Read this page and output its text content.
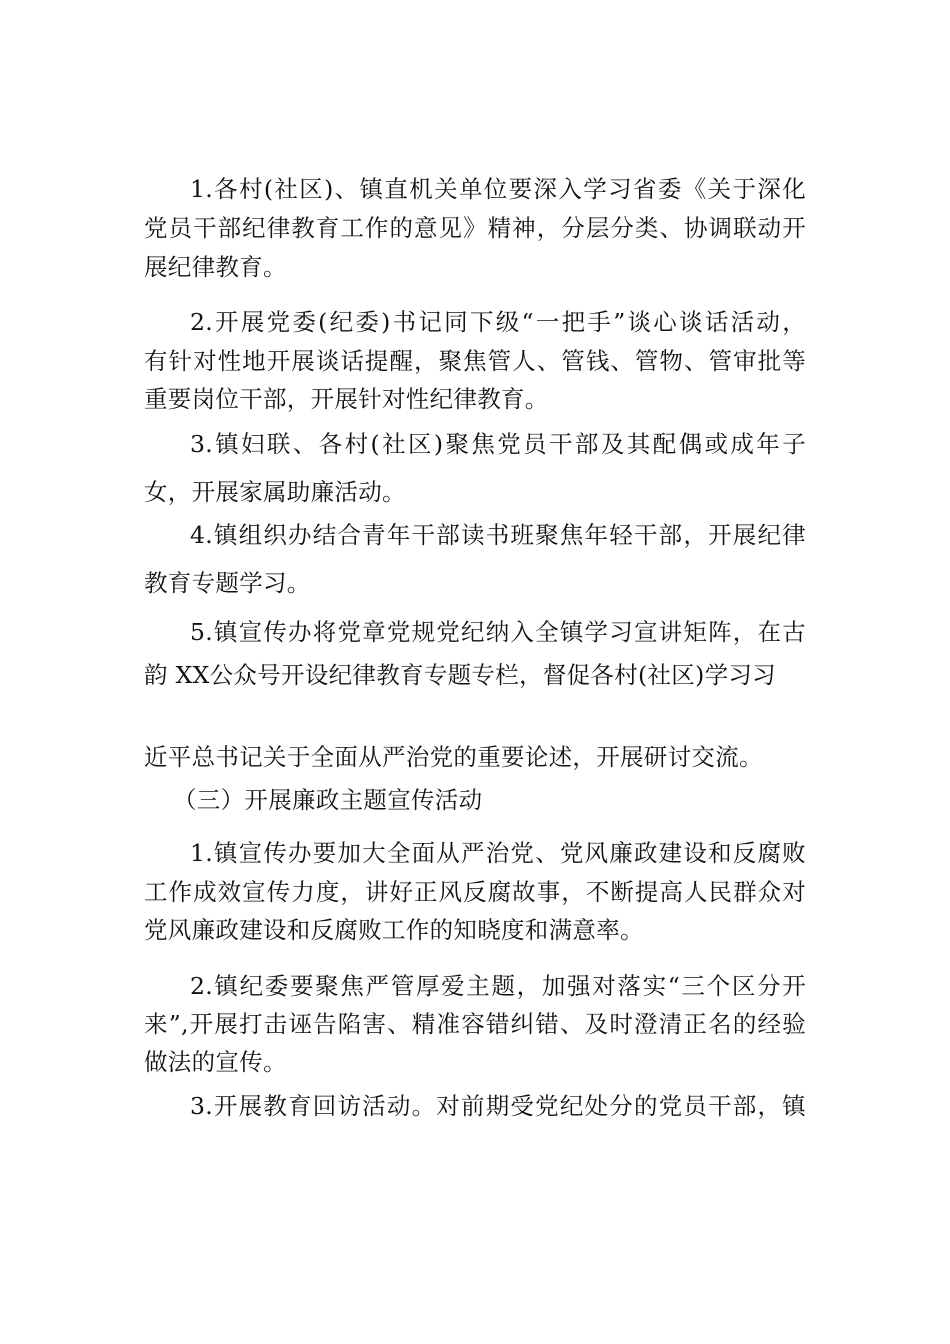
1.各村(社区)、镇直机关单位要深入学习省委《关于深化
党员干部纪律教育工作的意见》精神，分层分类、协调联动开
展纪律教育。
2.开展党委(纪委)书记同下级“一把手”谈心谈话活动，
有针对性地开展谈话提醒，聚焦管人、管钱、管物、管审批等
重要岗位干部，开展针对性纪律教育。
3.镇妇联、各村(社区)聚焦党员干部及其配偶或成年子
女，开展家属助廉活动。
4.镇组织办结合青年干部读书班聚焦年轻干部，开展纪律
教育专题学习。
5.镇宣传办将党章党规党纪纳入全镇学习宣讲矩阵，在古
韵 XX公众号开设纪律教育专题专栏，督促各村(社区)学习习
近平总书记关于全面从严治党的重要论述，开展研讨交流。
（三）开展廉政主题宣传活动
1.镇宣传办要加大全面从严治党、党风廉政建设和反腐败
工作成效宣传力度，讲好正风反腐故事，不断提高人民群众对
党风廉政建设和反腐败工作的知晓度和满意率。
2.镇纪委要聚焦严管厚爱主题，加强对落实“三个区分开
来”,开展打击诬告陷害、精准容错纠错、及时澄清正名的经验
做法的宣传。
3.开展教育回访活动。对前期受党纪处分的党员干部，镇
